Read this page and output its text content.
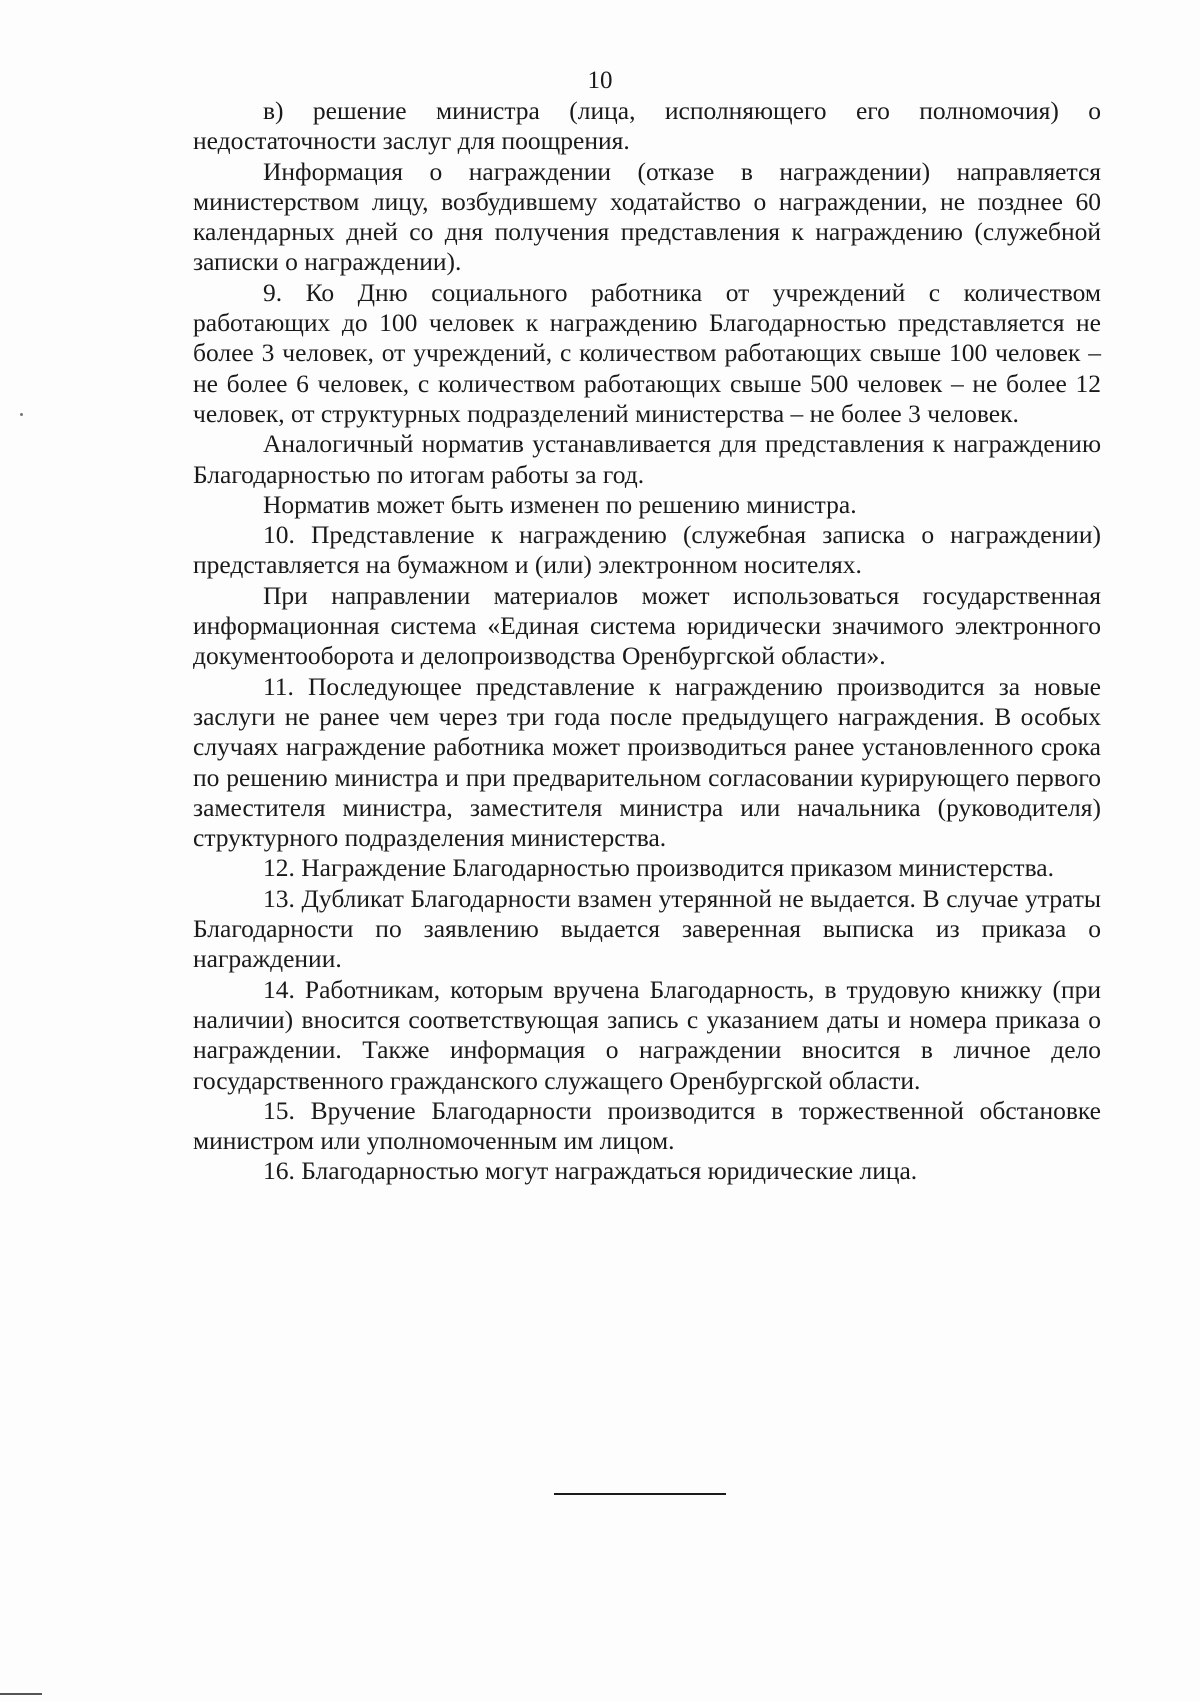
10

в) решение министра (лица, исполняющего его полномочия) о недостаточности заслуг для поощрения.

Информация о награждении (отказе в награждении) направляется министерством лицу, возбудившему ходатайство о награждении, не позднее 60 календарных дней со дня получения представления к награждению (служебной записки о награждении).

9. Ко Дню социального работника от учреждений с количеством работающих до 100 человек к награждению Благодарностью представляется не более 3 человек, от учреждений, с количеством работающих свыше 100 человек – не более 6 человек, с количеством работающих свыше 500 человек – не более 12 человек, от структурных подразделений министерства – не более 3 человек.

Аналогичный норматив устанавливается для представления к награждению Благодарностью по итогам работы за год.

Норматив может быть изменен по решению министра.

10. Представление к награждению (служебная записка о награждении) представляется на бумажном и (или) электронном носителях.

При направлении материалов может использоваться государственная информационная система «Единая система юридически значимого электронного документооборота и делопроизводства Оренбургской области».

11. Последующее представление к награждению производится за новые заслуги не ранее чем через три года после предыдущего награждения. В особых случаях награждение работника может производиться ранее установленного срока по решению министра и при предварительном согласовании курирующего первого заместителя министра, заместителя министра или начальника (руководителя) структурного подразделения министерства.

12. Награждение Благодарностью производится приказом министерства.

13. Дубликат Благодарности взамен утерянной не выдается. В случае утраты Благодарности по заявлению выдается заверенная выписка из приказа о награждении.

14. Работникам, которым вручена Благодарность, в трудовую книжку (при наличии) вносится соответствующая запись с указанием даты и номера приказа о награждении. Также информация о награждении вносится в личное дело государственного гражданского служащего Оренбургской области.

15. Вручение Благодарности производится в торжественной обстановке министром или уполномоченным им лицом.

16. Благодарностью могут награждаться юридические лица.
